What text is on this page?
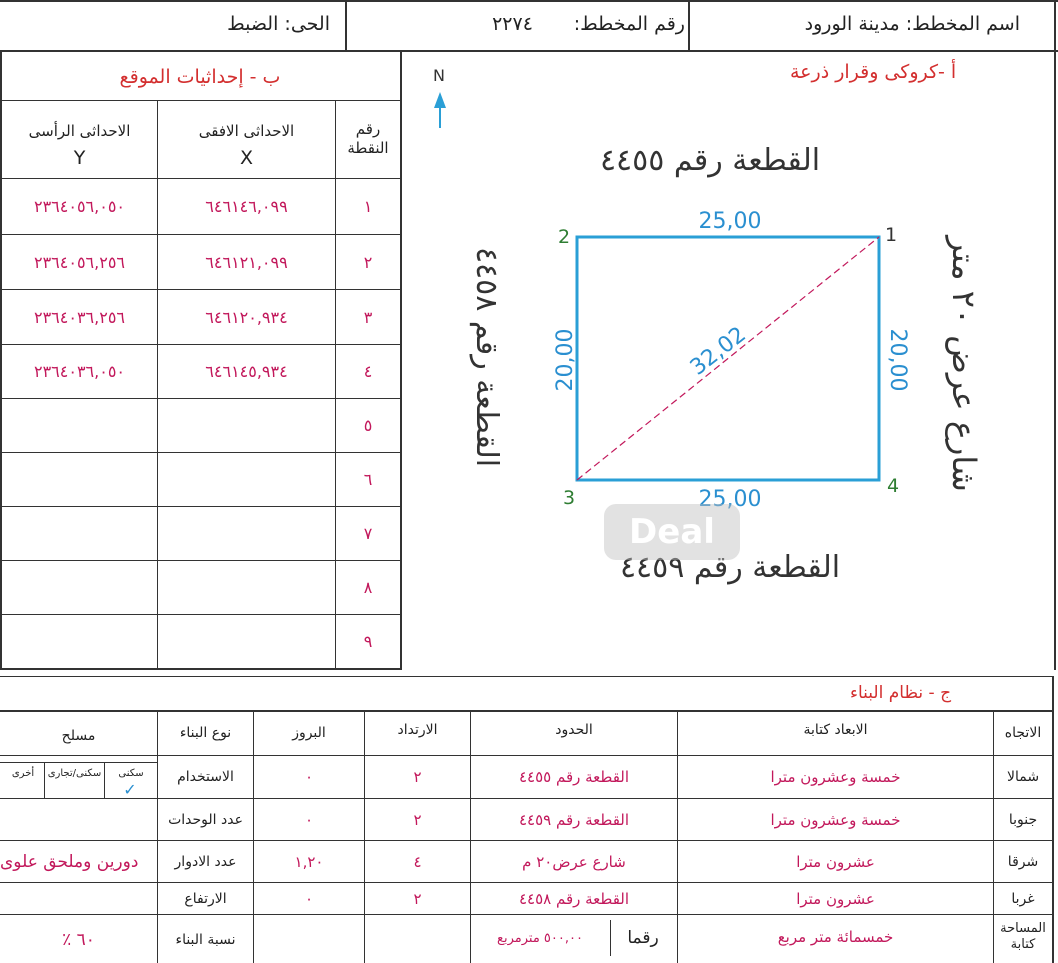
اسم المخطط: مدينة الورود
رقم المخطط:
٢٢٧٤
الحى: الضبط
ب - إحداثيات الموقع
رقم النقطة
الاحداثى الافقى
X
الاحداثى الرأسى
Y
١
٦٤٦١٤٦,٠٩٩
٢٣٦٤٠٥٦,٠٥٠
٢
٦٤٦١٢١,٠٩٩
٢٣٦٤٠٥٦,٢٥٦
٣
٦٤٦١٢٠,٩٣٤
٢٣٦٤٠٣٦,٢٥٦
٤
٦٤٦١٤٥,٩٣٤
٢٣٦٤٠٣٦,٠٥٠
٥
٦
٧
٨
٩
أ -كروكى وقرار ذرعة
N
القطعة رقم ٤٤٥٥
القطعة رقم ٤٤٥٩
القطعة رقم ٤٤٥٨
شارع عرض ٢٠ متر
25,00
25,00
20,00	20,00
32,02
1
2
3
4
Deal
ج - نظام البناء
الاتجاه
الابعاد كتابة
الحدود
الارتداد
البروز
نوع البناء
مسلح
سكنى
✓
سكنى/تجارى
أخرى	شمالا
خمسة وعشرون مترا
القطعة رقم ٤٤٥٥
٢
٠
الاستخدام
جنوبا
خمسة وعشرون مترا
القطعة رقم ٤٤٥٩
٢
٠
عدد الوحدات
شرقا
عشرون مترا
شارع عرض٢٠ م
٤
١,٢٠
عدد الادوار
دورين وملحق علوى
غربا
عشرون مترا
القطعة رقم ٤٤٥٨
٢
٠
الارتفاع
المساحة كتابة
خمسمائة متر مربع
رقما
٥٠٠,٠٠ مترمربع
نسبة البناء
٦٠ ٪
